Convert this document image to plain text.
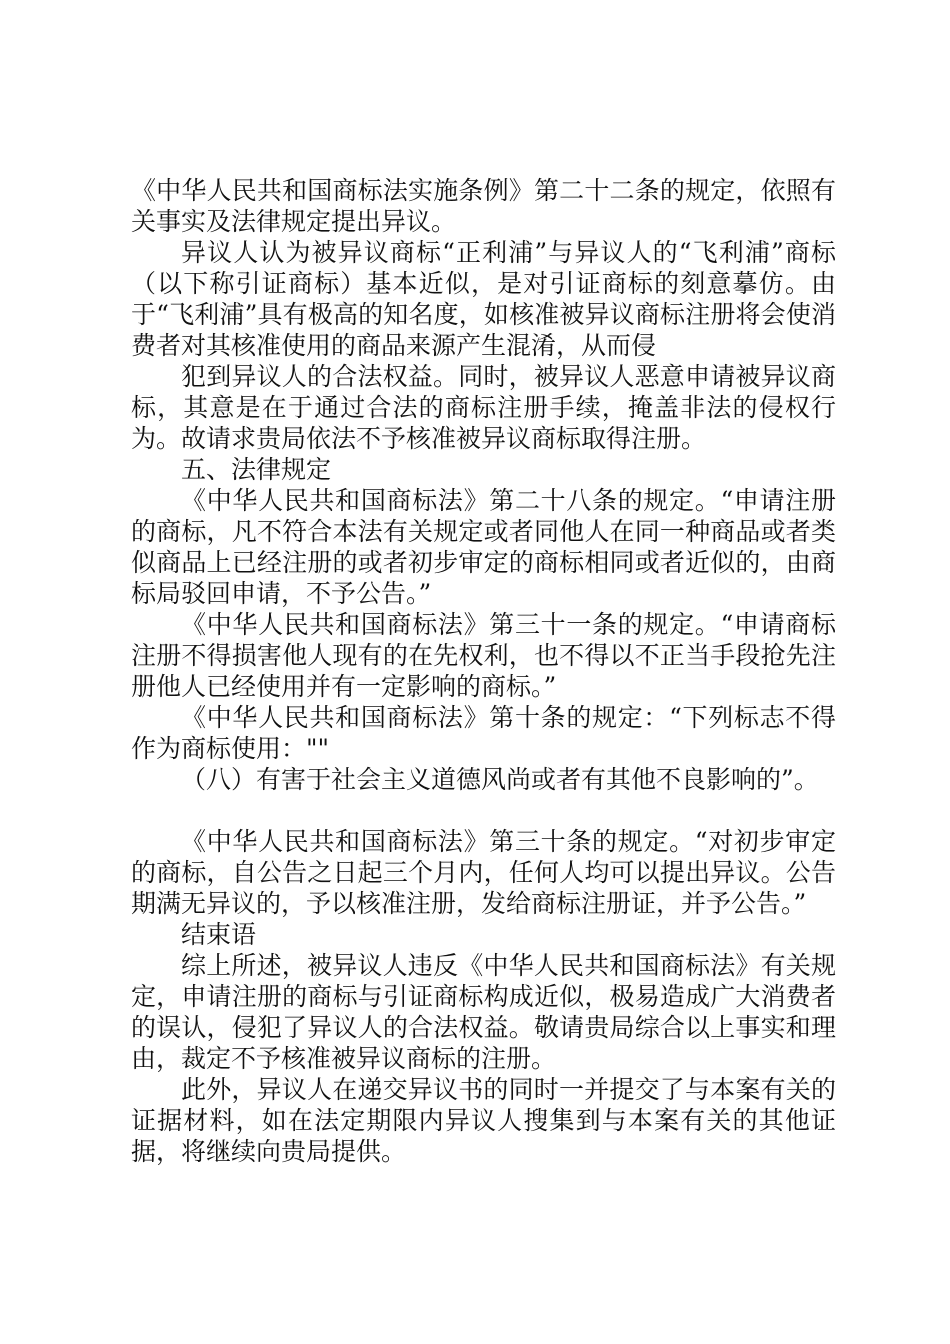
《中华人民共和国商标法实施条例》第二十二条的规定，依照有关事实及法律规定提出异议。

异议人认为被异议商标“正利浦”与异议人的“飞利浦”商标（以下称引证商标）基本近似，是对引证商标的刻意摹仿。由于“飞利浦”具有极高的知名度，如核准被异议商标注册将会使消费者对其核准使用的商品来源产生混淆，从而侵

犯到异议人的合法权益。同时，被异议人恶意申请被异议商标，其意是在于通过合法的商标注册手续，掩盖非法的侵权行为。故请求贵局依法不予核准被异议商标取得注册。

五、法律规定

《中华人民共和国商标法》第二十八条的规定。“申请注册的商标，凡不符合本法有关规定或者同他人在同一种商品或者类似商品上已经注册的或者初步审定的商标相同或者近似的，由商标局驳回申请，不予公告。”

《中华人民共和国商标法》第三十一条的规定。“申请商标注册不得损害他人现有的在先权利，也不得以不正当手段抢先注册他人已经使用并有一定影响的商标。”

《中华人民共和国商标法》第十条的规定：“下列标志不得作为商标使用：""

（八）有害于社会主义道德风尚或者有其他不良影响的”。

《中华人民共和国商标法》第三十条的规定。“对初步审定的商标，自公告之日起三个月内，任何人均可以提出异议。公告期满无异议的，予以核准注册，发给商标注册证，并予公告。”

结束语

综上所述，被异议人违反《中华人民共和国商标法》有关规定，申请注册的商标与引证商标构成近似，极易造成广大消费者的误认，侵犯了异议人的合法权益。敬请贵局综合以上事实和理由，裁定不予核准被异议商标的注册。

此外，异议人在递交异议书的同时一并提交了与本案有关的证据材料，如在法定期限内异议人搜集到与本案有关的其他证据，将继续向贵局提供。
